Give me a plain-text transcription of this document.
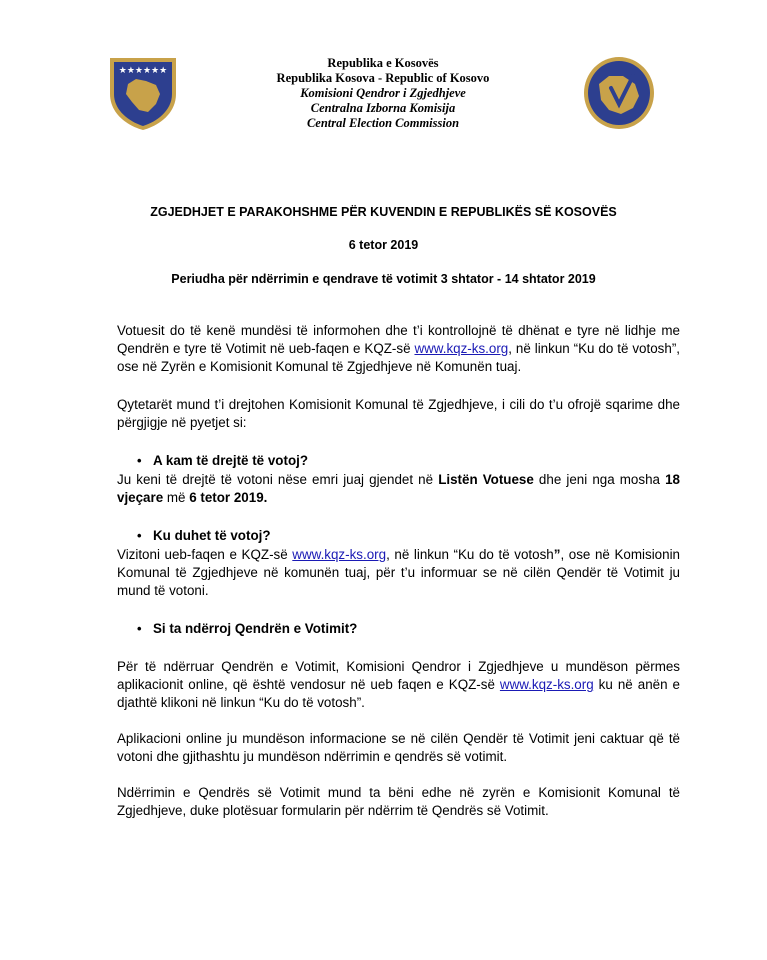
★★★★★★
Republika e Kosovës
Republika Kosova - Republic of Kosovo
Komisioni Qendror i Zgjedhjeve
Centralna Izborna Komisija
Central Election Commission
ZGJEDHJET E PARAKOHSHME PËR KUVENDIN E REPUBLIKËS SË KOSOVËS
6 tetor 2019
Periudha për ndërrimin e qendrave të votimit 3 shtator - 14 shtator 2019

Votuesit do të kenë mundësi të informohen dhe t’i kontrollojnë të dhënat e tyre në lidhje me Qendrën e tyre të Votimit në ueb-faqen e KQZ-së www.kqz-ks.org, në linkun “Ku do të votosh”, ose në Zyrën e Komisionit Komunal të Zgjedhjeve në Komunën tuaj.

Qytetarët mund t’i drejtohen Komisionit Komunal të Zgjedhjeve, i cili do t’u ofrojë sqarime dhe përgjigje në pyetjet si:

• A kam të drejtë të votoj?

Ju keni të drejtë të votoni nëse emri juaj gjendet në Listën Votuese dhe jeni nga mosha 18 vjeçare më 6 tetor 2019.

• Ku duhet të votoj?

Vizitoni ueb-faqen e KQZ-së www.kqz-ks.org, në linkun “Ku do të votosh”, ose në Komisionin Komunal të Zgjedhjeve në komunën tuaj, për t’u informuar se në cilën Qendër të Votimit ju mund të votoni.

• Si ta ndërroj Qendrën e Votimit?

Për të ndërruar Qendrën e Votimit, Komisioni Qendror i Zgjedhjeve u mundëson përmes aplikacionit online, që është vendosur në ueb faqen e KQZ-së www.kqz-ks.org ku në anën e djathtë klikoni në linkun “Ku do të votosh”.

Aplikacioni online ju mundëson informacione se në cilën Qendër të Votimit jeni caktuar që të votoni dhe gjithashtu ju mundëson ndërrimin e qendrës së votimit.

Ndërrimin e Qendrës së Votimit mund ta bëni edhe në zyrën e Komisionit Komunal të Zgjedhjeve, duke plotësuar formularin për ndërrim të Qendrës së Votimit.
